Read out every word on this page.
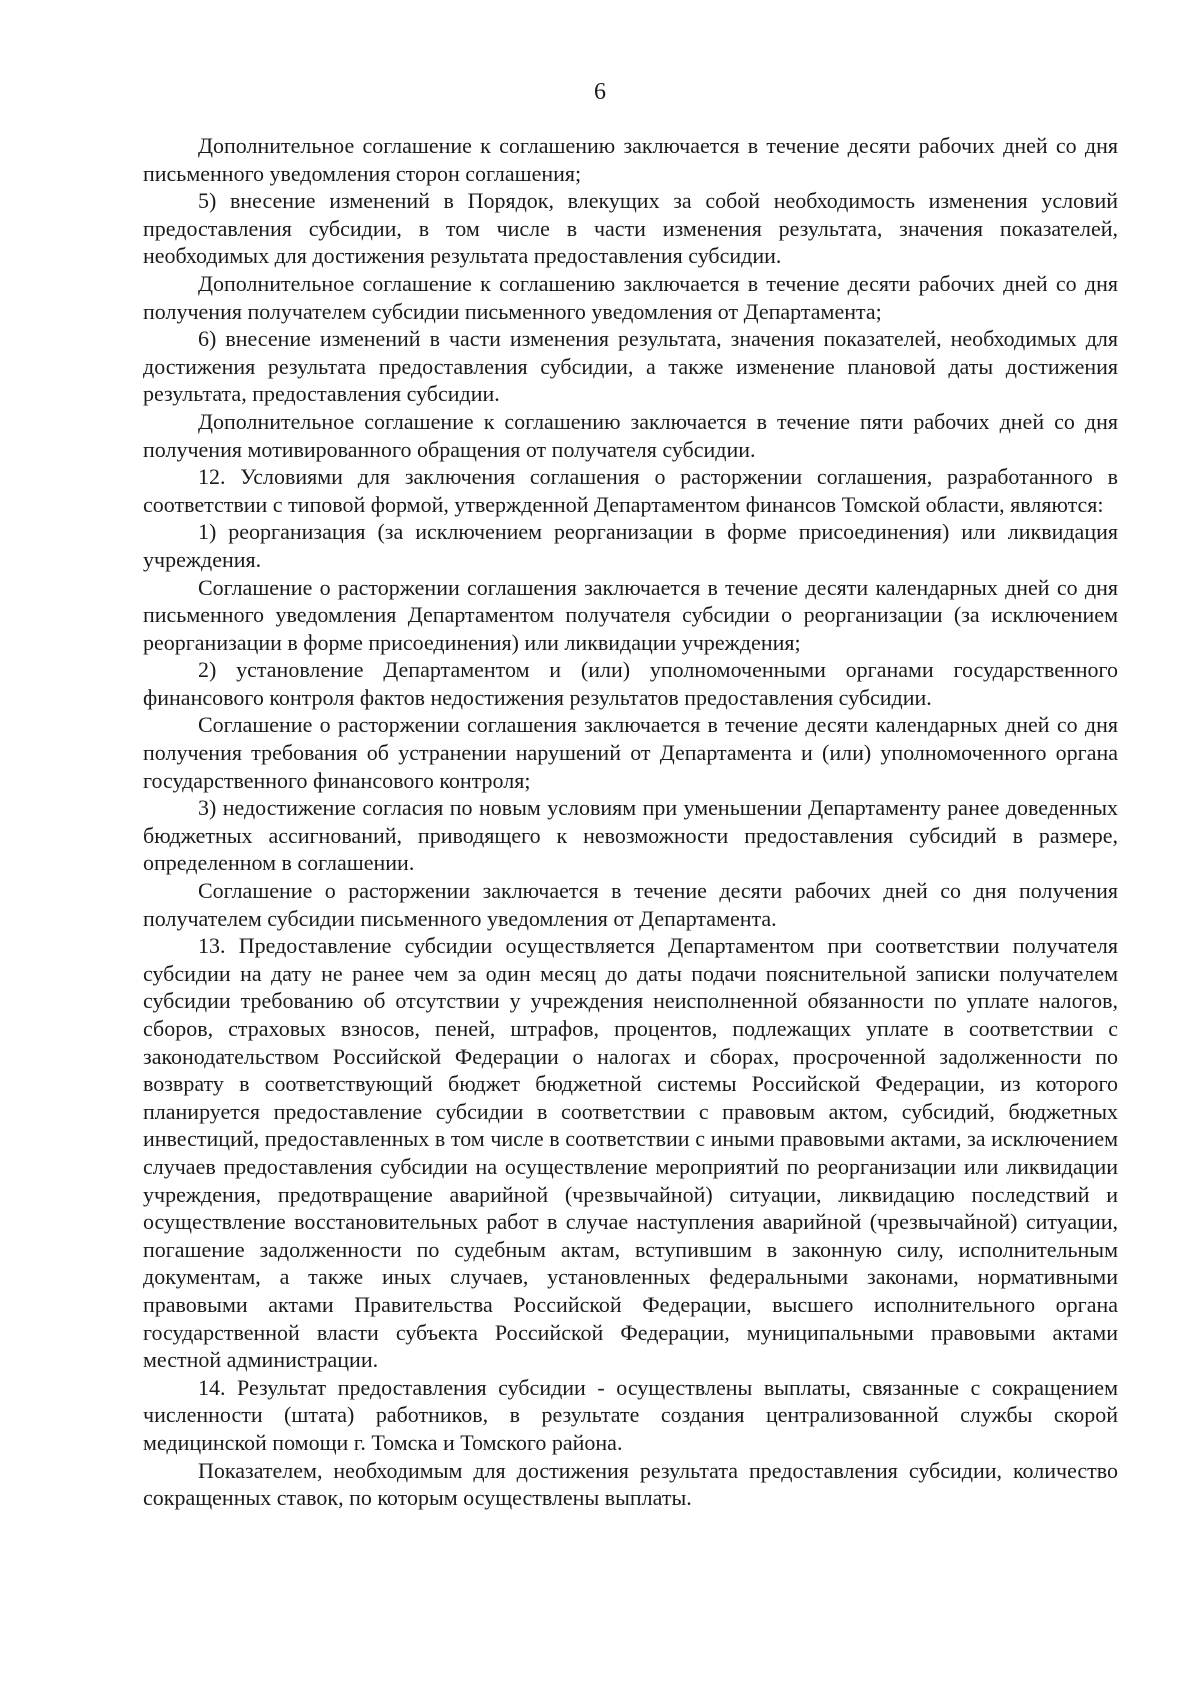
6

Дополнительное соглашение к соглашению заключается в течение десяти рабочих дней со дня письменного уведомления сторон соглашения;

5) внесение изменений в Порядок, влекущих за собой необходимость изменения условий предоставления субсидии, в том числе в части изменения результата, значения показателей, необходимых для достижения результата предоставления субсидии.

Дополнительное соглашение к соглашению заключается в течение десяти рабочих дней со дня получения получателем субсидии письменного уведомления от Департамента;

6) внесение изменений в части изменения результата, значения показателей, необходимых для достижения результата предоставления субсидии, а также изменение плановой даты достижения результата, предоставления субсидии.

Дополнительное соглашение к соглашению заключается в течение пяти рабочих дней со дня получения мотивированного обращения от получателя субсидии.

12. Условиями для заключения соглашения о расторжении соглашения, разработанного в соответствии с типовой формой, утвержденной Департаментом финансов Томской области, являются:

1) реорганизация (за исключением реорганизации в форме присоединения) или ликвидация учреждения.

Соглашение о расторжении соглашения заключается в течение десяти календарных дней со дня письменного уведомления Департаментом получателя субсидии о реорганизации (за исключением реорганизации в форме присоединения) или ликвидации учреждения;

2) установление Департаментом и (или) уполномоченными органами государственного финансового контроля фактов недостижения результатов предоставления субсидии.

Соглашение о расторжении соглашения заключается в течение десяти календарных дней со дня получения требования об устранении нарушений от Департамента и (или) уполномоченного органа государственного финансового контроля;

3) недостижение согласия по новым условиям при уменьшении Департаменту ранее доведенных бюджетных ассигнований, приводящего к невозможности предоставления субсидий в размере, определенном в соглашении.

Соглашение о расторжении заключается в течение десяти рабочих дней со дня получения получателем субсидии письменного уведомления от Департамента.

13. Предоставление субсидии осуществляется Департаментом при соответствии получателя субсидии на дату не ранее чем за один месяц до даты подачи пояснительной записки получателем субсидии требованию об отсутствии у учреждения неисполненной обязанности по уплате налогов, сборов, страховых взносов, пеней, штрафов, процентов, подлежащих уплате в соответствии с законодательством Российской Федерации о налогах и сборах, просроченной задолженности по возврату в соответствующий бюджет бюджетной системы Российской Федерации, из которого планируется предоставление субсидии в соответствии с правовым актом, субсидий, бюджетных инвестиций, предоставленных в том числе в соответствии с иными правовыми актами, за исключением случаев предоставления субсидии на осуществление мероприятий по реорганизации или ликвидации учреждения, предотвращение аварийной (чрезвычайной) ситуации, ликвидацию последствий и осуществление восстановительных работ в случае наступления аварийной (чрезвычайной) ситуации, погашение задолженности по судебным актам, вступившим в законную силу, исполнительным документам, а также иных случаев, установленных федеральными законами, нормативными правовыми актами Правительства Российской Федерации, высшего исполнительного органа государственной власти субъекта Российской Федерации, муниципальными правовыми актами местной администрации.

14. Результат предоставления субсидии - осуществлены выплаты, связанные с сокращением численности (штата) работников, в результате создания централизованной службы скорой медицинской помощи г. Томска и Томского района.

Показателем, необходимым для достижения результата предоставления субсидии, количество сокращенных ставок, по которым осуществлены выплаты.
